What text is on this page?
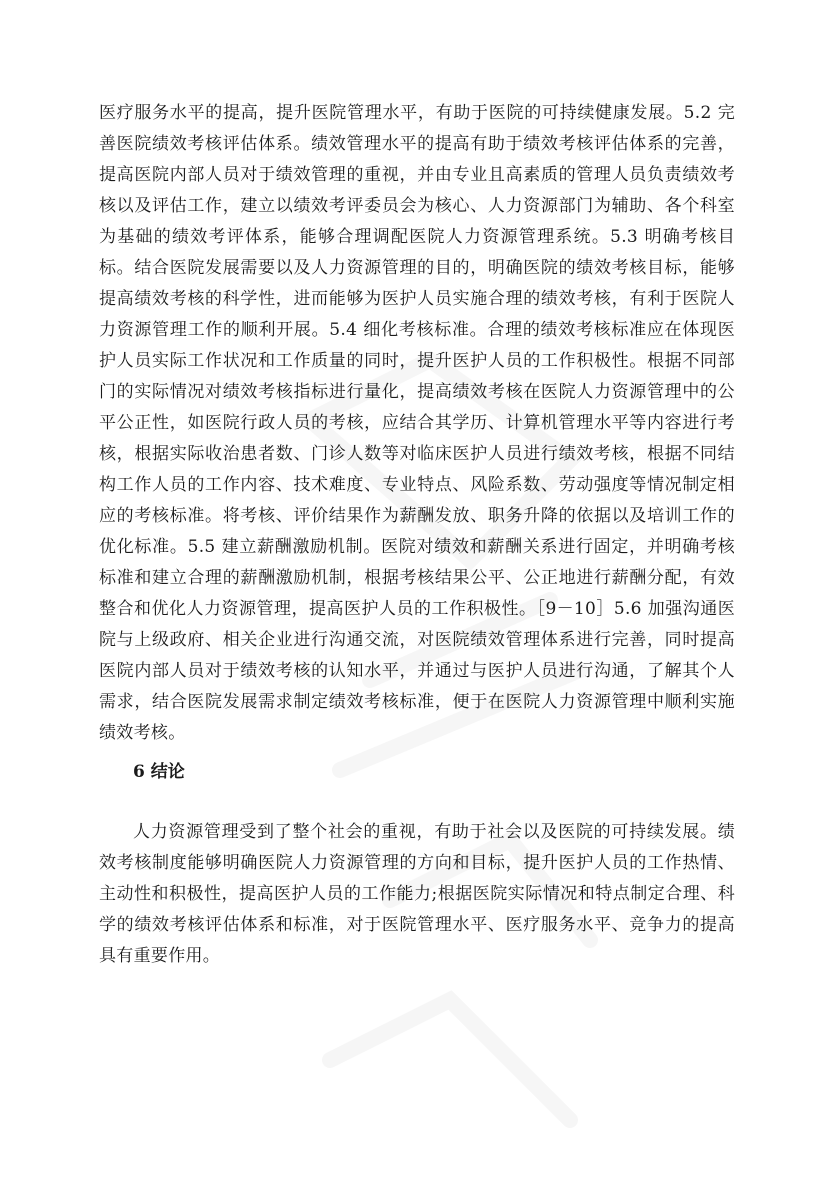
医疗服务水平的提高，提升医院管理水平，有助于医院的可持续健康发展。5.2 完善医院绩效考核评估体系。绩效管理水平的提高有助于绩效考核评估体系的完善，提高医院内部人员对于绩效管理的重视，并由专业且高素质的管理人员负责绩效考核以及评估工作，建立以绩效考评委员会为核心、人力资源部门为辅助、各个科室为基础的绩效考评体系，能够合理调配医院人力资源管理系统。5.3 明确考核目标。结合医院发展需要以及人力资源管理的目的，明确医院的绩效考核目标，能够提高绩效考核的科学性，进而能够为医护人员实施合理的绩效考核，有利于医院人力资源管理工作的顺利开展。5.4 细化考核标准。合理的绩效考核标准应在体现医护人员实际工作状况和工作质量的同时，提升医护人员的工作积极性。根据不同部门的实际情况对绩效考核指标进行量化，提高绩效考核在医院人力资源管理中的公平公正性，如医院行政人员的考核，应结合其学历、计算机管理水平等内容进行考核，根据实际收治患者数、门诊人数等对临床医护人员进行绩效考核，根据不同结构工作人员的工作内容、技术难度、专业特点、风险系数、劳动强度等情况制定相应的考核标准。将考核、评价结果作为薪酬发放、职务升降的依据以及培训工作的优化标准。5.5 建立薪酬激励机制。医院对绩效和薪酬关系进行固定，并明确考核标准和建立合理的薪酬激励机制，根据考核结果公平、公正地进行薪酬分配，有效整合和优化人力资源管理，提高医护人员的工作积极性。［9－10］5.6 加强沟通医院与上级政府、相关企业进行沟通交流，对医院绩效管理体系进行完善，同时提高医院内部人员对于绩效考核的认知水平，并通过与医护人员进行沟通，了解其个人需求，结合医院发展需求制定绩效考核标准，便于在医院人力资源管理中顺利实施绩效考核。

6 结论

人力资源管理受到了整个社会的重视，有助于社会以及医院的可持续发展。绩效考核制度能够明确医院人力资源管理的方向和目标，提升医护人员的工作热情、主动性和积极性，提高医护人员的工作能力;根据医院实际情况和特点制定合理、科学的绩效考核评估体系和标准，对于医院管理水平、医疗服务水平、竞争力的提高具有重要作用。
